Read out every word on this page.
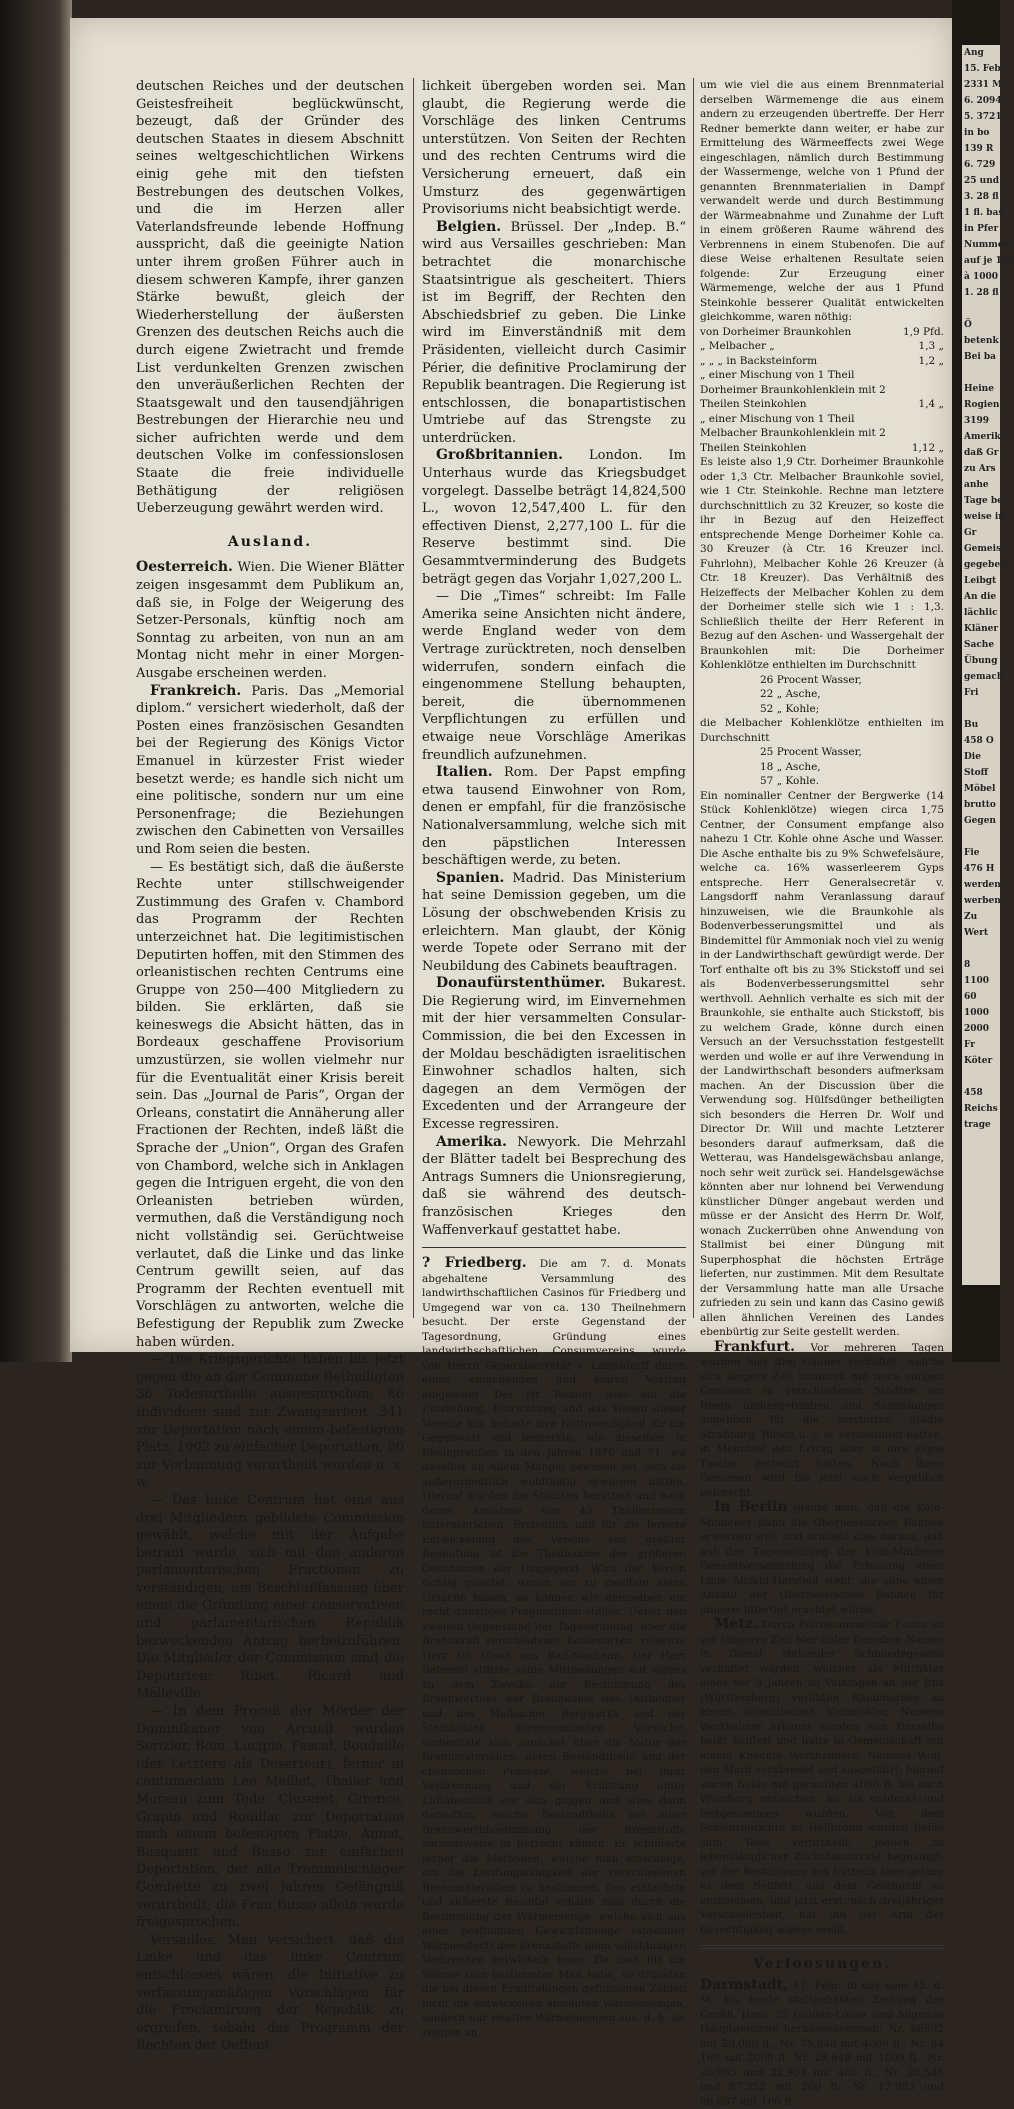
deutschen Reiches und der deutschen Geistesfreiheit beglückwünscht, bezeugt, daß der Gründer des deutschen Staates in diesem Abschnitt seines weltgeschichtlichen Wirkens einig gehe mit den tiefsten Bestrebungen des deutschen Volkes, und die im Herzen aller Vaterlandsfreunde lebende Hoffnung ausspricht, daß die geeinigte Nation unter ihrem großen Führer auch in diesem schweren Kampfe, ihrer ganzen Stärke bewußt, gleich der Wiederherstellung der äußersten Grenzen des deutschen Reichs auch die durch eigene Zwietracht und fremde List verdunkelten Grenzen zwischen den unveräußerlichen Rechten der Staatsgewalt und den tausendjährigen Bestrebungen der Hierarchie neu und sicher aufrichten werde und dem deutschen Volke im confessionslosen Staate die freie individuelle Bethätigung der religiösen Ueberzeugung gewährt werden wird.

Ausland.

Oesterreich. Wien. Die Wiener Blätter zeigen insgesammt dem Publikum an, daß sie, in Folge der Weigerung des Setzer-Personals, künftig noch am Sonntag zu arbeiten, von nun an am Montag nicht mehr in einer Morgen-Ausgabe erscheinen werden.

Frankreich. Paris. Das „Memorial diplom.“ versichert wiederholt, daß der Posten eines französischen Gesandten bei der Regierung des Königs Victor Emanuel in kürzester Frist wieder besetzt werde; es handle sich nicht um eine politische, sondern nur um eine Personenfrage; die Beziehungen zwischen den Cabinetten von Versailles und Rom seien die besten.

— Es bestätigt sich, daß die äußerste Rechte unter stillschweigender Zustimmung des Grafen v. Chambord das Programm der Rechten unterzeichnet hat. Die legitimistischen Deputirten hoffen, mit den Stimmen des orleanistischen rechten Centrums eine Gruppe von 250—400 Mitgliedern zu bilden. Sie erklärten, daß sie keineswegs die Absicht hätten, das in Bordeaux geschaffene Provisorium umzustürzen, sie wollen vielmehr nur für die Eventualität einer Krisis bereit sein. Das „Journal de Paris“, Organ der Orleans, constatirt die Annäherung aller Fractionen der Rechten, indeß läßt die Sprache der „Union“, Organ des Grafen von Chambord, welche sich in Anklagen gegen die Intriguen ergeht, die von den Orleanisten betrieben würden, vermuthen, daß die Verständigung noch nicht vollständig sei. Gerüchtweise verlautet, daß die Linke und das linke Centrum gewillt seien, auf das Programm der Rechten eventuell mit Vorschlägen zu antworten, welche die Befestigung der Republik zum Zwecke haben würden.

— Die Kriegsgerichte haben bis jetzt gegen die an der Commune Betheiligten 36 Todesurtheile ausgesprochen; 86 Individuen sind zur Zwangsarbeit, 341 zur Deportation nach einem befestigten Platz, 1002 zu einfacher Deportation, 80 zur Verbannung verurtheilt worden u. s. w.

— Das linke Centrum hat eine aus drei Mitgliedern gebildete Commission gewählt, welche mit der Aufgabe betraut wurde, sich mit den anderen parlamentarischen Fractionen zu verständigen, um Beschlußfassung über einen die Gründung einer conservativen und parlamentarischen Republik bezweckenden Antrag herbeizuführen. Die Mitglieder der Commission sind die Deputirten: Ribet, Ricard und Malleville.

— In dem Proceß der Mörder der Dominikaner von Arcueil wurden Serizier, Boin, Lucipia, Pascal, Boudaille (der Letztere als Deserteur), ferner in contumaciam Léo Meillet, Thaller und Moreau zum Tode, Cluseret, Gironce, Grapin und Rouillac zur Deportation nach einem befestigten Platze, Annat, Busquant und Busso zur einfachen Deportation, der alte Trommelschläger Gombette zu zwei Jahren Gefängniß verurtheilt; die Frau Busso allein wurde freigesprochen.

Versailles. Man versichert, daß die Linke und das linke Centrum entschlossen wären, die Initiative zu verfassungsmäßigen Vorschlägen für die Proclamirung der Republik zu ergreifen, sobald das Programm der Rechten der Oeffent-

lichkeit übergeben worden sei. Man glaubt, die Regierung werde die Vorschläge des linken Centrums unterstützen. Von Seiten der Rechten und des rechten Centrums wird die Versicherung erneuert, daß ein Umsturz des gegenwärtigen Provisoriums nicht beabsichtigt werde.

Belgien. Brüssel. Der „Indep. B.“ wird aus Versailles geschrieben: Man betrachtet die monarchische Staatsintrigue als gescheitert. Thiers ist im Begriff, der Rechten den Abschiedsbrief zu geben. Die Linke wird im Einverständniß mit dem Präsidenten, vielleicht durch Casimir Périer, die definitive Proclamirung der Republik beantragen. Die Regierung ist entschlossen, die bonapartistischen Umtriebe auf das Strengste zu unterdrücken.

Großbritannien. London. Im Unterhaus wurde das Kriegsbudget vorgelegt. Dasselbe beträgt 14,824,500 L., wovon 12,547,400 L. für den effectiven Dienst, 2,277,100 L. für die Reserve bestimmt sind. Die Gesammtverminderung des Budgets beträgt gegen das Vorjahr 1,027,200 L.

— Die „Times“ schreibt: Im Falle Amerika seine Ansichten nicht ändere, werde England weder von dem Vertrage zurücktreten, noch denselben widerrufen, sondern einfach die eingenommene Stellung behaupten, bereit, die übernommenen Verpflichtungen zu erfüllen und etwaige neue Vorschläge Amerikas freundlich aufzunehmen.

Italien. Rom. Der Papst empfing etwa tausend Einwohner von Rom, denen er empfahl, für die französische Nationalversammlung, welche sich mit den päpstlichen Interessen beschäftigen werde, zu beten.

Spanien. Madrid. Das Ministerium hat seine Demission gegeben, um die Lösung der obschwebenden Krisis zu erleichtern. Man glaubt, der König werde Topete oder Serrano mit der Neubildung des Cabinets beauftragen.

Donaufürstenthümer. Bukarest. Die Regierung wird, im Einvernehmen mit der hier versammelten Consular-Commission, die bei den Excessen in der Moldau beschädigten israelitischen Einwohner schadlos halten, sich dagegen an dem Vermögen der Excedenten und der Arrangeure der Excesse regressiren.

Amerika. Newyork. Die Mehrzahl der Blätter tadelt bei Besprechung des Antrags Sumners die Unionsregierung, daß sie während des deutsch-französischen Krieges den Waffenverkauf gestattet habe.

? Friedberg. Die am 7. d. Monats abgehaltene Versammlung des landwirthschaftlichen Casinos für Friedberg und Umgegend war von ca. 130 Theilnehmern besucht. Der erste Gegenstand der Tagesordnung, Gründung eines landwirthschaftlichen Consumvereins, wurde von Herrn Generalsecretär v. Langsdorff durch einen eingehenden und klaren Vortrag eingeleitet. Der Hr. Redner wies auf die Entstehung, Einrichtung und das Wesen dieser Vereine hin, betonte ihre Nothwendigkeit für die Gegenwart und bemerkte, wie dieselben in Rheinpreußen in den Jahren 1870 und 71, wo daselbst an Allem Mangel gewesen sei, sich als außerordentlich wohlthätig erwiesen hätten. Hierauf wurden die Statuten berathen und nach deren Annahme von 43 Theilnehmern unterschrieben. Ersteulich und für die fernere Entwickelung des Vereins von größter Bedeutung ist die Theilnahme der größeren Oeconomen der Umgegend. Wird der Verein richtig geleitet, woran wir zu zweifeln keine Ursache haben, so können wir demselben ein recht günstiges Prognostikon stellen. Ueber den zweiten Gegenstand der Tagesordnung, über die Brennkraft verschiedener Kohlenarten, referirte Herr Dr. Ulsoh aus Bad-Nauheim. Der Herr Referent stützte seine Mittheilungen auf eigens zu dem Zwecke der Bestimmung des Brennwerthes der Braunkohle des Dorheimer und des Melbacher Bergwerks und der Steinkohlen vorgenommenen Versuche, verbreitete sich zunächst über die Natur der Brennmaterialien, deren Bestandtheile und der chemischen Prozesse, welche bei ihrer Verbrennung und der Erhitzung unter Luftabschluß vor sich gingen und wies dann daraufhin, welche Bestandtheile bei einer Brennwerthbestimmung der Brennstoffe vorzugsweise in Betracht kämen. Er schilderte ferner die Methoden, welche man einschlage, um die Leistungsfähigkeit der verschiedenen Brennmaterialien zu bestimmen. Das einfachste und sicherste Resultat erhalte man durch die Bestimmung der Wärmemenge, welche sich aus einer bestimmten Gewichtsmenge (absoluter Wärmeeffect) des Brennstoffs beim vollständigen Verbrennen entwickeln lasse. Da man für die Wärme kein bestimmtes Maß habe, so drückten die bei diesen Ermittelungen gefundenen Zahlen nicht die entwickelten absoluten Wärmemengen, sondern nur relative Wärmemengen aus, d. h. sie zeigten an,

um wie viel die aus einem Brennmaterial derselben Wärmemenge die aus einem andern zu erzeugenden übertreffe. Der Herr Redner bemerkte dann weiter, er habe zur Ermittelung des Wärmeeffects zwei Wege eingeschlagen, nämlich durch Bestimmung der Wassermenge, welche von 1 Pfund der genannten Brennmaterialien in Dampf verwandelt werde und durch Bestimmung der Wärmeabnahme und Zunahme der Luft in einem größeren Raume während des Verbrennens in einem Stubenofen. Die auf diese Weise erhaltenen Resultate seien folgende: Zur Erzeugung einer Wärmemenge, welche der aus 1 Pfund Steinkohle besserer Qualität entwickelten gleichkomme, waren nöthig:

von Dorheimer Braunkohlen	1,9 Pfd.
„ Melbacher „	1,3 „
„ „ „ in Backsteinform	1,2 „
„ einer Mischung von 1 Theil Dorheimer Braunkohlenklein mit 2 Theilen Steinkohlen	1,4 „
„ einer Mischung von 1 Theil Melbacher Braunkohlenklein mit 2 Theilen Steinkohlen	1,12 „

Es leiste also 1,9 Ctr. Dorheimer Braunkohle oder 1,3 Ctr. Melbacher Braunkohle soviel, wie 1 Ctr. Steinkohle. Rechne man letztere durchschnittlich zu 32 Kreuzer, so koste die ihr in Bezug auf den Heizeffect entsprechende Menge Dorheimer Kohle ca. 30 Kreuzer (à Ctr. 16 Kreuzer incl. Fuhrlohn), Melbacher Kohle 26 Kreuzer (à Ctr. 18 Kreuzer). Das Verhältniß des Heizeffects der Melbacher Kohlen zu dem der Dorheimer stelle sich wie 1 : 1,3. Schließlich theilte der Herr Referent in Bezug auf den Aschen- und Wassergehalt der Braunkohlen mit: Die Dorheimer Kohlenklötze enthielten im Durchschnitt

26 Procent Wasser,
22 „ Asche,
52 „ Kohle;

die Melbacher Kohlenklötze enthielten im Durchschnitt

25 Procent Wasser,
18 „ Asche,
57 „ Kohle.

Ein nominaller Centner der Bergwerke (14 Stück Kohlenklötze) wiegen circa 1,75 Centner, der Consument empfange also nahezu 1 Ctr. Kohle ohne Asche und Wasser. Die Asche enthalte bis zu 9% Schwefelsäure, welche ca. 16% wasserleerem Gyps entspreche. Herr Generalsecretär v. Langsdorff nahm Veranlassung darauf hinzuweisen, wie die Braunkohle als Bodenverbesserungsmittel und als Bindemittel für Ammoniak noch viel zu wenig in der Landwirthschaft gewürdigt werde. Der Torf enthalte oft bis zu 3% Stickstoff und sei als Bodenverbesserungsmittel sehr werthvoll. Aehnlich verhalte es sich mit der Braunkohle, sie enthalte auch Stickstoff, bis zu welchem Grade, könne durch einen Versuch an der Versuchsstation festgestellt werden und wolle er auf ihre Verwendung in der Landwirthschaft besonders aufmerksam machen. An der Discussion über die Verwendung sog. Hülfsdünger betheiligten sich besonders die Herren Dr. Wolf und Director Dr. Will und machte Letzterer besonders darauf aufmerksam, daß die Wetterau, was Handelsgewächsbau anlange, noch sehr weit zurück sei. Handelsgewächse könnten aber nur lohnend bei Verwendung künstlicher Dünger angebaut werden und müsse er der Ansicht des Herrn Dr. Wolf, wonach Zuckerrüben ohne Anwendung von Stallmist bei einer Düngung mit Superphosphat die höchsten Erträge lieferten, nur zustimmen. Mit dem Resultate der Versammlung hatte man alle Ursache zufrieden zu sein und kann das Casino gewiß allen ähnlichen Vereinen des Landes ebenbürtig zur Seite gestellt werden.

Frankfurt. Vor mehreren Tagen wurden hier drei Gauner verhaftet, welche sich längere Zeit hindurch mit noch einigen Genossen in verschiedenen Städten am Rhein umhergetrieben und Sammlungen angeblich für die zerstörten Städte Straßburg, Bitsch u. s. w. veranstaltet hatten, in Mehrheit den Ertrag aber in ihre eigne Tasche gesteckt hatten. Nach ihren Genossen wird bis jetzt noch vergeblich geforscht.

In Berlin glaubt man, daß die Köln-Mindener Bahn die Oberhessischen Bahnen erwerben will, und schließt dies daraus, daß auf der Tagesordnung der Köln-Mindener Generalversammlung die Erbauung einer Linie Alsfeld-Hersfeld steht, die ohne einen Ankauf der Oberhessischen Bahnen für ungerechtfertigt erachtet würde.

Metz. Durch Polizeicommissär Fuchs ist vor längerer Zeit hier unter fremdem Namen in Dienst stehender Schmiedegeselle verhaftet worden, welcher als Mitthäter eines vor 3 Jahren zu Vaihingen an der Enz (Württemberg) verübten Raubmordes an einem israelitischen Viehmakler, Namens Wertheimer erkannt worden war. Derselbe heißt Seiffert und hatte in Gemeinschaft mit einem Knechte Wertheimers, Namens Wolf, den Mord verabredet und ausgeführt; hierauf waren beide mit geraubten 4000 fl. bis nach Würzburg entwichen, wo sie entdeckt und festgenommen wurden. Von dem Schwurgerichte zu Heilbronn wurden Beide zum Tode verurtheilt, jedoch zu lebenslänglicher Zuchthausstrafe begnadigt; vor der Bestätigung des Urtheils aber gelang es dem Seiffert, aus dem Gefängniß zu entkommen, und jetzt erst, nach dreijähriger Verschollenheit, hat ihn der Arm der Gerechtigkeit wieder ereilt.

Verloosungen.

Darmstadt, 17. Febr. In der vom 15. d. M. bis heute stattgehabten Ziehung der Großh. Hess. 25 Gulden-Loose sind folgende Hauptgewinne herausgekommen: Nr. 66502 mit 20,000 fl., Nr. 75,848 mit 4000 fl., Nr. 84 169 mit 2000 fl. Nr. 28,648 mit 1000 fl., Nr. 20,965 und 22,931 mit 400 fl., Nr. 28,546 und 87,352 mit 200 fl., Nr. 17,983 und 86,037 mit 100 fl.

Ang
15. Febr
2331 M
6. 2094
5. 3721
in bo
139 R
6. 729
25 und
3. 28 fl
1 fl. bas
in Pfer
Nummer
auf je 100
à 1000
1. 28 fl

Ö
betenk
Bei ba

Heine
Rogien
3199
Amerik
daß Gr
zu Ars
anhe
Tage be
weise in
Gr
Gemeis
gegeben
Leibgt
An die
lächlic
Kläner
Sache
Übung
gemach
Fri

Bu
458 O
Die
Stoff
Möbel
brutto
Gegen

Fie
476 H
werden
werben
Zu
Wert

8
1100
60
1000
2000
Fr
Köter

458
Reichs
trage
